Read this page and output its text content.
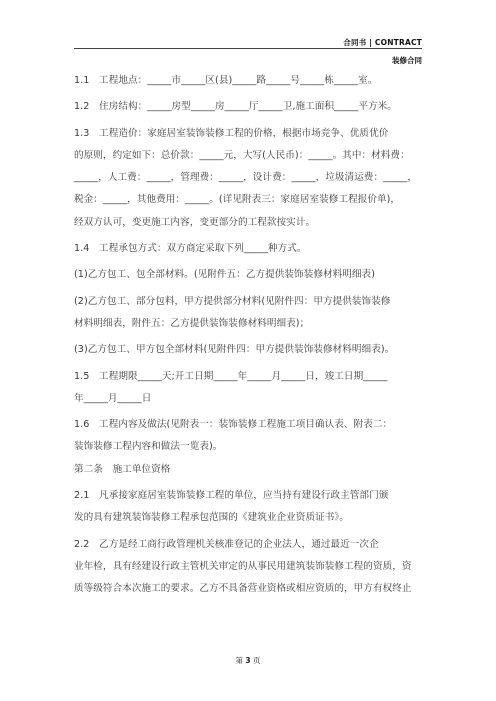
合同书 | CONTRACT
装修合同

1.1　工程地点：_____市_____区(县)_____路_____号_____栋_____室。

1.2　住房结构：_____房型_____房_____厅_____卫,施工面积_____平方米。

1.3　工程造价：家庭居室装饰装修工程的价格，根据市场竞争、优质优价

的原则，约定如下：总价款：_____元，大写(人民币)：_____。其中：材料费：

_____，人工费：_____，管理费：_____，设计费：_____，垃圾清运费：_____，

税金：_____，其他费用：_____。(详见附表三：家庭居室装修工程报价单)，

经双方认可，变更施工内容，变更部分的工程款按实计。

1.4　工程承包方式：双方商定采取下列_____种方式。

(1)乙方包工、包全部材料。(见附件五：乙方提供装饰装修材料明细表)

(2)乙方包工、部分包料，甲方提供部分材料(见附件四：甲方提供装饰装修

材料明细表，附件五：乙方提供装饰装修材料明细表)；

(3)乙方包工、甲方包全部材料(见附件四：甲方提供装饰装修材料明细表)。

1.5　工程期限_____天;开工日期_____年_____月_____日，竣工日期_____

年_____月_____日

1.6　工程内容及做法(见附表一：装饰装修工程施工项目确认表、附表二：

装饰装修工程内容和做法一览表)。

第二条　施工单位资格

2.1　凡承接家庭居室装饰装修工程的单位，应当持有建设行政主管部门颁

发的具有建筑装饰装修工程承包范围的《建筑业企业资质证书》。

2.2　乙方是经工商行政管理机关核准登记的企业法人，通过最近一次企

业年检，具有经建设行政主管机关审定的从事民用建筑装饰装修工程的资质，资

质等级符合本次施工的要求。乙方不具备营业资格或相应资质的，甲方有权终止

第 3 页
